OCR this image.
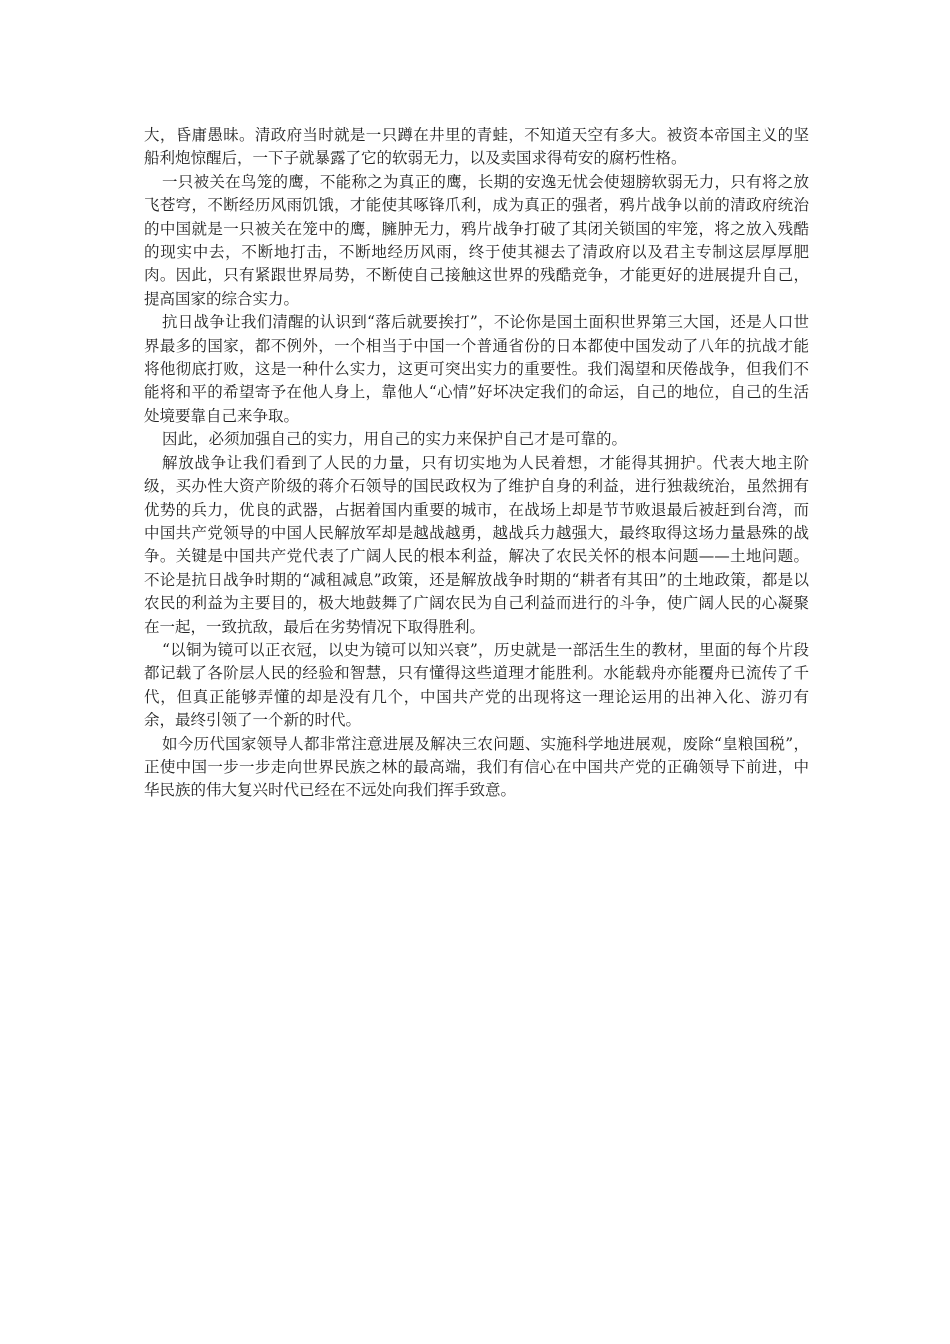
大，昏庸愚昧。清政府当时就是一只蹲在井里的青蛙，不知道天空有多大。被资本帝国主义的坚船利炮惊醒后，一下子就暴露了它的软弱无力，以及卖国求得苟安的腐朽性格。

一只被关在鸟笼的鹰，不能称之为真正的鹰，长期的安逸无忧会使翅膀软弱无力，只有将之放飞苍穹，不断经历风雨饥饿，才能使其啄锋爪利，成为真正的强者，鸦片战争以前的清政府统治的中国就是一只被关在笼中的鹰，臃肿无力，鸦片战争打破了其闭关锁国的牢笼，将之放入残酷的现实中去，不断地打击，不断地经历风雨，终于使其褪去了清政府以及君主专制这层厚厚肥肉。因此，只有紧跟世界局势，不断使自己接触这世界的残酷竞争，才能更好的进展提升自己，提高国家的综合实力。

抗日战争让我们清醒的认识到“落后就要挨打”，不论你是国土面积世界第三大国，还是人口世界最多的国家，都不例外，一个相当于中国一个普通省份的日本都使中国发动了八年的抗战才能将他彻底打败，这是一种什么实力，这更可突出实力的重要性。我们渴望和厌倦战争，但我们不能将和平的希望寄予在他人身上，靠他人“心情”好坏决定我们的命运，自己的地位，自己的生活处境要靠自己来争取。

因此，必须加强自己的实力，用自己的实力来保护自己才是可靠的。

解放战争让我们看到了人民的力量，只有切实地为人民着想，才能得其拥护。代表大地主阶级，买办性大资产阶级的蒋介石领导的国民政权为了维护自身的利益，进行独裁统治，虽然拥有优势的兵力，优良的武器，占据着国内重要的城市，在战场上却是节节败退最后被赶到台湾，而中国共产党领导的中国人民解放军却是越战越勇，越战兵力越强大，最终取得这场力量悬殊的战争。关键是中国共产党代表了广阔人民的根本利益，解决了农民关怀的根本问题——土地问题。不论是抗日战争时期的“减租减息”政策，还是解放战争时期的“耕者有其田”的土地政策，都是以农民的利益为主要目的，极大地鼓舞了广阔农民为自己利益而进行的斗争，使广阔人民的心凝聚在一起，一致抗敌，最后在劣势情况下取得胜利。

“以铜为镜可以正衣冠，以史为镜可以知兴衰”，历史就是一部活生生的教材，里面的每个片段都记载了各阶层人民的经验和智慧，只有懂得这些道理才能胜利。水能载舟亦能覆舟已流传了千代，但真正能够弄懂的却是没有几个，中国共产党的出现将这一理论运用的出神入化、游刃有余，最终引领了一个新的时代。

如今历代国家领导人都非常注意进展及解决三农问题、实施科学地进展观，废除“皇粮国税”，正使中国一步一步走向世界民族之林的最高端，我们有信心在中国共产党的正确领导下前进，中华民族的伟大复兴时代已经在不远处向我们挥手致意。
